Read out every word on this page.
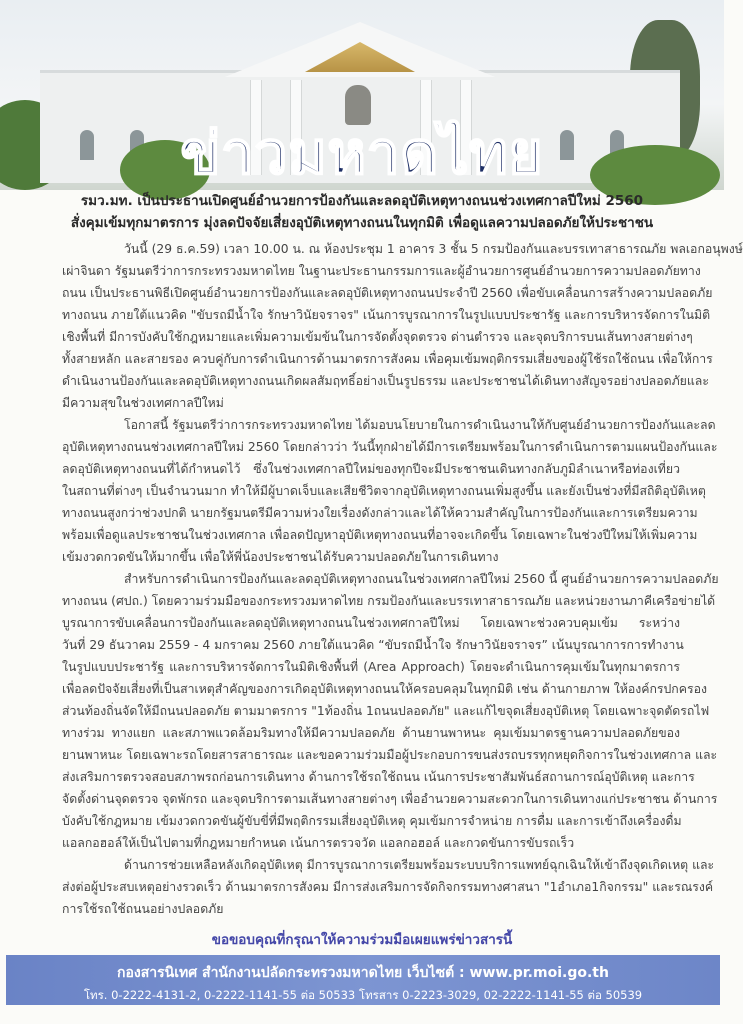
ข่าวมหาดไทย
รมว.มท. เป็นประธานเปิดศูนย์อำนวยการป้องกันและลดอุบัติเหตุทางถนนช่วงเทศกาลปีใหม่ 2560
สั่งคุมเข้มทุกมาตรการ มุ่งลดปัจจัยเสี่ยงอุบัติเหตุทางถนนในทุกมิติ เพื่อดูแลความปลอดภัยให้ประชาชน
วันนี้ (29 ธ.ค.59) เวลา 10.00 น. ณ ห้องประชุม 1 อาคาร 3 ชั้น 5 กรมป้องกันและบรรเทาสาธารณภัย พลเอกอนุพงษ์
เผ่าจินดา รัฐมนตรีว่าการกระทรวงมหาดไทย ในฐานะประธานกรรมการและผู้อำนวยการศูนย์อำนวยการความปลอดภัยทาง
ถนน เป็นประธานพิธีเปิดศูนย์อำนวยการป้องกันและลดอุบัติเหตุทางถนนประจำปี 2560 เพื่อขับเคลื่อนการสร้างความปลอดภัย
ทางถนน ภายใต้แนวคิด "ขับรถมีน้ำใจ รักษาวินัยจราจร" เน้นการบูรณาการในรูปแบบประชารัฐ และการบริหารจัดการในมิติ
เชิงพื้นที่ มีการบังคับใช้กฎหมายและเพิ่มความเข้มข้นในการจัดตั้งจุดตรวจ ด่านตำรวจ และจุดบริการบนเส้นทางสายต่างๆ
ทั้งสายหลัก และสายรอง ควบคู่กับการดำเนินการด้านมาตรการสังคม เพื่อคุมเข้มพฤติกรรมเสี่ยงของผู้ใช้รถใช้ถนน เพื่อให้การ
ดำเนินงานป้องกันและลดอุบัติเหตุทางถนนเกิดผลสัมฤทธิ์อย่างเป็นรูปธรรม และประชาชนได้เดินทางสัญจรอย่างปลอดภัยและ
มีความสุขในช่วงเทศกาลปีใหม่
โอกาสนี้ รัฐมนตรีว่าการกระทรวงมหาดไทย ได้มอบนโยบายในการดำเนินงานให้กับศูนย์อำนวยการป้องกันและลด
อุบัติเหตุทางถนนช่วงเทศกาลปีใหม่ 2560 โดยกล่าวว่า วันนี้ทุกฝ่ายได้มีการเตรียมพร้อมในการดำเนินการตามแผนป้องกันและ
ลดอุบัติเหตุทางถนนที่ได้กำหนดไว้ ซึ่งในช่วงเทศกาลปีใหม่ของทุกปีจะมีประชาชนเดินทางกลับภูมิลำเนาหรือท่องเที่ยว
ในสถานที่ต่างๆ เป็นจำนวนมาก ทำให้มีผู้บาดเจ็บและเสียชีวิตจากอุบัติเหตุทางถนนเพิ่มสูงขึ้น และยังเป็นช่วงที่มีสถิติอุบัติเหตุ
ทางถนนสูงกว่าช่วงปกติ นายกรัฐมนตรีมีความห่วงใยเรื่องดังกล่าวและได้ให้ความสำคัญในการป้องกันและการเตรียมความ
พร้อมเพื่อดูแลประชาชนในช่วงเทศกาล เพื่อลดปัญหาอุบัติเหตุทางถนนที่อาจจะเกิดขึ้น โดยเฉพาะในช่วงปีใหม่ให้เพิ่มความ
เข้มงวดกวดขันให้มากขึ้น เพื่อให้พี่น้องประชาชนได้รับความปลอดภัยในการเดินทาง
สำหรับการดำเนินการป้องกันและลดอุบัติเหตุทางถนนในช่วงเทศกาลปีใหม่ 2560 นี้ ศูนย์อำนวยการความปลอดภัย
ทางถนน (ศปถ.) โดยความร่วมมือของกระทรวงมหาดไทย กรมป้องกันและบรรเทาสาธารณภัย และหน่วยงานภาคีเครือข่ายได้
บูรณาการขับเคลื่อนการป้องกันและลดอุบัติเหตุทางถนนในช่วงเทศกาลปีใหม่ โดยเฉพาะช่วงควบคุมเข้ม ระหว่าง
วันที่ 29 ธันวาคม 2559 - 4 มกราคม 2560 ภายใต้แนวคิด “ขับรถมีน้ำใจ รักษาวินัยจราจร” เน้นบูรณาการการทำงาน
ในรูปแบบประชารัฐ และการบริหารจัดการในมิติเชิงพื้นที่ (Area Approach) โดยจะดำเนินการคุมเข้มในทุกมาตรการ
เพื่อลดปัจจัยเสี่ยงที่เป็นสาเหตุสำคัญของการเกิดอุบัติเหตุทางถนนให้ครอบคลุมในทุกมิติ เช่น ด้านกายภาพ ให้องค์กรปกครอง
ส่วนท้องถิ่นจัดให้มีถนนปลอดภัย ตามมาตรการ "1ท้องถิ่น 1ถนนปลอดภัย" และแก้ไขจุดเสี่ยงอุบัติเหตุ โดยเฉพาะจุดตัดรถไฟ
ทางร่วม ทางแยก และสภาพแวดล้อมริมทางให้มีความปลอดภัย ด้านยานพาหนะ คุมเข้มมาตรฐานความปลอดภัยของ
ยานพาหนะ โดยเฉพาะรถโดยสารสาธารณะ และขอความร่วมมือผู้ประกอบการขนส่งรถบรรทุกหยุดกิจการในช่วงเทศกาล และ
ส่งเสริมการตรวจสอบสภาพรถก่อนการเดินทาง ด้านการใช้รถใช้ถนน เน้นการประชาสัมพันธ์สถานการณ์อุบัติเหตุ และการ
จัดตั้งด่านจุดตรวจ จุดพักรถ และจุดบริการตามเส้นทางสายต่างๆ เพื่ออำนวยความสะดวกในการเดินทางแก่ประชาชน ด้านการ
บังคับใช้กฎหมาย เข้มงวดกวดขันผู้ขับขี่ที่มีพฤติกรรมเสี่ยงอุบัติเหตุ คุมเข้มการจำหน่าย การดื่ม และการเข้าถึงเครื่องดื่ม
แอลกอฮอล์ให้เป็นไปตามที่กฎหมายกำหนด เน้นการตรวจวัด แอลกอฮอล์ และกวดขันการขับรถเร็ว
ด้านการช่วยเหลือหลังเกิดอุบัติเหตุ มีการบูรณาการเตรียมพร้อมระบบบริการแพทย์ฉุกเฉินให้เข้าถึงจุดเกิดเหตุ และ
ส่งต่อผู้ประสบเหตุอย่างรวดเร็ว ด้านมาตรการสังคม มีการส่งเสริมการจัดกิจกรรมทางศาสนา "1อำเภอ1กิจกรรม" และรณรงค์
การใช้รถใช้ถนนอย่างปลอดภัย
ขอขอบคุณที่กรุณาให้ความร่วมมือเผยแพร่ข่าวสารนี้
กองสารนิเทศ สำนักงานปลัดกระทรวงมหาดไทย เว็บไซต์ : www.pr.moi.go.th
โทร. 0-2222-4131-2, 0-2222-1141-55 ต่อ 50533 โทรสาร 0-2223-3029, 02-2222-1141-55 ต่อ 50539
